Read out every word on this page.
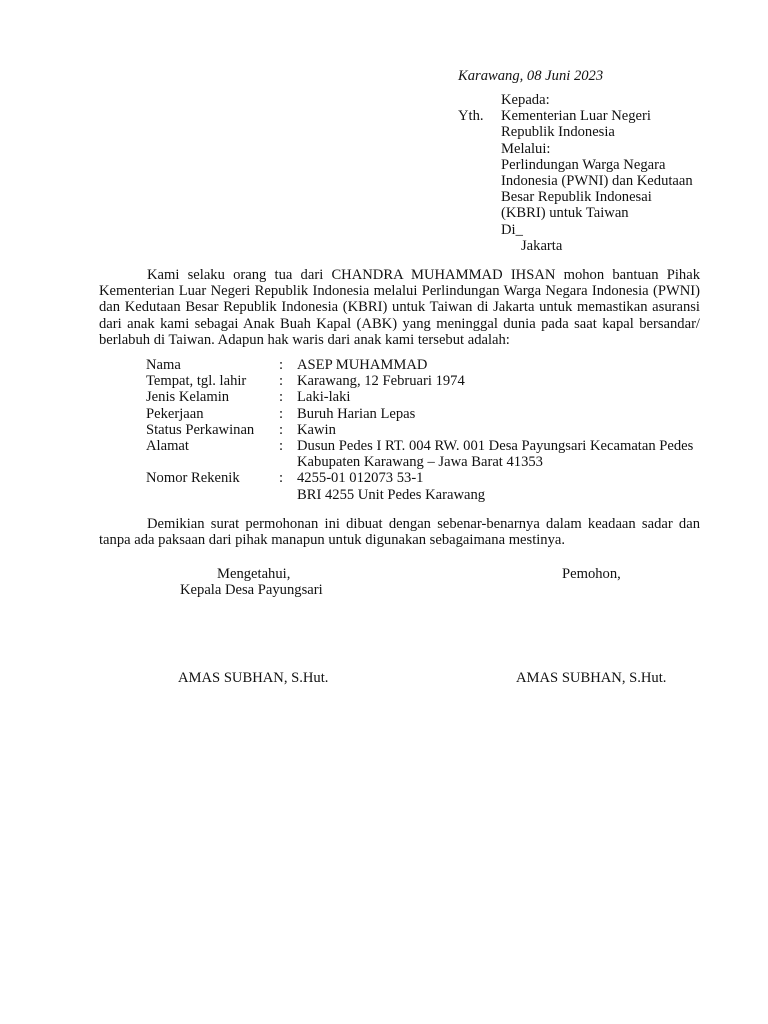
Karawang, 08 Juni 2023
Yth.
Kepada:
Kementerian Luar Negeri
Republik Indonesia
Melalui:
Perlindungan Warga Negara
Indonesia (PWNI) dan Kedutaan
Besar Republik Indonesai
(KBRI) untuk Taiwan
Di_
Jakarta
Kami selaku orang tua dari CHANDRA MUHAMMAD IHSAN mohon bantuan Pihak Kementerian Luar Negeri Republik Indonesia melalui Perlindungan Warga Negara Indonesia (PWNI) dan Kedutaan Besar Republik Indonesia (KBRI) untuk Taiwan di Jakarta untuk memastikan asuransi dari anak kami sebagai Anak Buah Kapal (ABK) yang meninggal dunia pada saat kapal bersandar/ berlabuh di Taiwan. Adapun hak waris dari anak kami tersebut adalah:
Nama	: ASEP MUHAMMAD
Tempat, tgl. lahir	: Karawang, 12 Februari 1974
Jenis Kelamin	: Laki-laki
Pekerjaan	: Buruh Harian Lepas
Status Perkawinan	: Kawin
Alamat	: Dusun Pedes I RT. 004 RW. 001 Desa Payungsari Kecamatan Pedes
Kabupaten Karawang – Jawa Barat 41353
Nomor Rekenik	: 4255-01 012073 53-1
BRI 4255 Unit Pedes Karawang
Demikian surat permohonan ini dibuat dengan sebenar-benarnya dalam keadaan sadar dan tanpa ada paksaan dari pihak manapun untuk digunakan sebagaimana mestinya.
Mengetahui,
Kepala Desa Payungsari
Pemohon,
AMAS SUBHAN, S.Hut.	AMAS SUBHAN, S.Hut.
